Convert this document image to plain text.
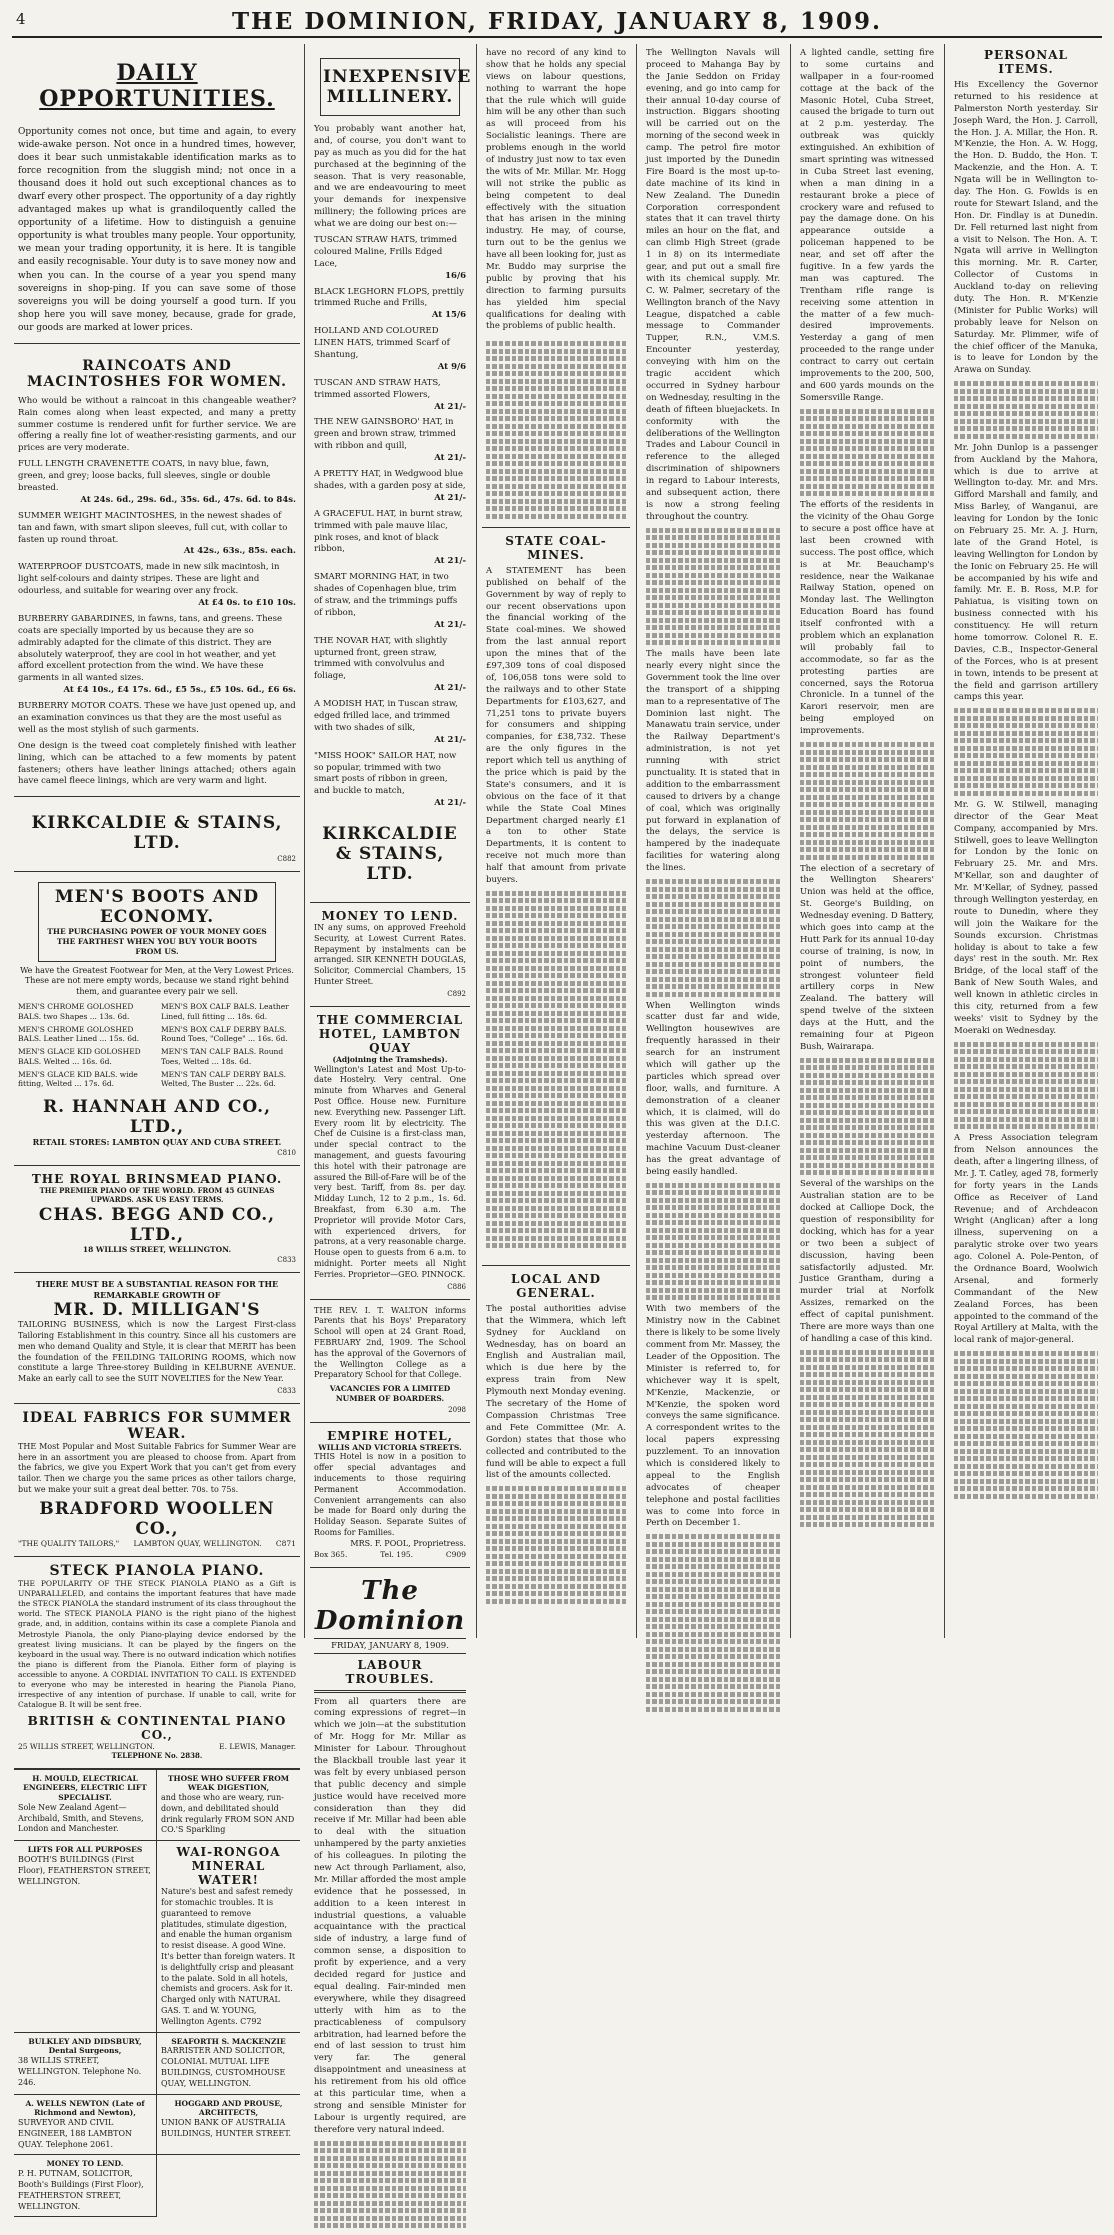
4	THE DOMINION, FRIDAY, JANUARY 8, 1909.
DAILY OPPORTUNITIES.
Opportunity comes not once, but time and again, to every wide-awake person. Not once in a hundred times, however, does it bear such unmistakable identification marks as to force recognition from the sluggish mind; not once in a thousand does it hold out such exceptional chances as to dwarf every other prospect. The opportunity of a day rightly advantaged makes up what is grandiloquently called the opportunity of a lifetime. How to distinguish a genuine opportunity is what troubles many people. Your opportunity, we mean your trading opportunity, it is here. It is tangible and easily recognisable. Your duty is to save money now and when you can. In the course of a year you spend many sovereigns in shop-ping. If you can save some of those sovereigns you will be doing yourself a good turn. If you shop here you will save money, because, grade for grade, our goods are marked at lower prices.
RAINCOATS AND MACINTOSHES FOR WOMEN.
Who would be without a raincoat in this changeable weather? Rain comes along when least expected, and many a pretty summer costume is rendered unfit for further service. We are offering a really fine lot of weather-resisting garments, and our prices are very moderate.
FULL LENGTH CRAVENETTE COATS, in navy blue, fawn, green, and grey; loose backs, full sleeves, single or double breasted.
At 24s. 6d., 29s. 6d., 35s. 6d., 47s. 6d. to 84s.
SUMMER WEIGHT MACINTOSHES, in the newest shades of tan and fawn, with smart slipon sleeves, full cut, with collar to fasten up round throat.
At 42s., 63s., 85s. each.
WATERPROOF DUSTCOATS, made in new silk macintosh, in light self-colours and dainty stripes. These are light and odourless, and suitable for wearing over any frock.
At £4 0s. to £10 10s.
BURBERRY GABARDINES, in fawns, tans, and greens. These coats are specially imported by us because they are so admirably adapted for the climate of this district. They are absolutely waterproof, they are cool in hot weather, and yet afford excellent protection from the wind. We have these garments in all wanted sizes.
At £4 10s., £4 17s. 6d., £5 5s., £5 10s. 6d., £6 6s.
BURBERRY MOTOR COATS. These we have just opened up, and an examination convinces us that they are the most useful as well as the most stylish of such garments.
One design is the tweed coat completely finished with leather lining, which can be attached to a few moments by patent fasteners; others have leather linings attached; others again have camel fleece linings, which are very warm and light.
KIRKCALDIE & STAINS, LTD.
C882
MEN'S BOOTS AND ECONOMY.
THE PURCHASING POWER OF YOUR MONEY GOES THE FARTHEST WHEN YOU BUY YOUR BOOTS FROM US.
We have the Greatest Footwear for Men, at the Very Lowest Prices. These are not mere empty words, because we stand right behind them, and guarantee every pair we sell.
MEN'S CHROME GOLOSHED BALS. two Shapes ... 13s. 6d.
MEN'S BOX CALF BALS. Leather Lined, full fitting ... 18s. 6d.
MEN'S CHROME GOLOSHED BALS. Leather Lined ... 15s. 6d.
MEN'S BOX CALF DERBY BALS. Round Toes, "College" ... 16s. 6d.
MEN'S GLACE KID GOLOSHED BALS. Welted ... 16s. 6d.
MEN'S TAN CALF BALS. Round Toes, Welted ... 18s. 6d.
MEN'S GLACE KID BALS. wide fitting, Welted ... 17s. 6d.
MEN'S TAN CALF DERBY BALS. Welted, The Buster ... 22s. 6d.
R. HANNAH AND CO., LTD.,
RETAIL STORES: LAMBTON QUAY AND CUBA STREET.
C810
THE ROYAL BRINSMEAD PIANO.
THE PREMIER PIANO OF THE WORLD. FROM 45 GUINEAS UPWARDS. ASK US EASY TERMS.
CHAS. BEGG AND CO., LTD.,
18 WILLIS STREET, WELLINGTON.
C833
THERE MUST BE A SUBSTANTIAL REASON FOR THE REMARKABLE GROWTH OF
MR. D. MILLIGAN'S
TAILORING BUSINESS, which is now the Largest First-class Tailoring Establishment in this country. Since all his customers are men who demand Quality and Style, it is clear that MERIT has been the foundation of the FEILDING TAILORING ROOMS, which now constitute a large Three-storey Building in KELBURNE AVENUE. Make an early call to see the SUIT NOVELTIES for the New Year.
C833
IDEAL FABRICS FOR SUMMER WEAR.
THE Most Popular and Most Suitable Fabrics for Summer Wear are here in an assortment you are pleased to choose from. Apart from the fabrics, we give you Expert Work that you can't get from every tailor. Then we charge you the same prices as other tailors charge, but we make your suit a great deal better. 70s. to 75s.
BRADFORD WOOLLEN CO.,
"THE QUALITY TAILORS," LAMBTON QUAY, WELLINGTON. C871
STECK PIANOLA PIANO.
THE POPULARITY OF THE STECK PIANOLA PIANO as a Gift is UNPARALLELED, and contains the important features that have made the STECK PIANOLA the standard instrument of its class throughout the world. The STECK PIANOLA PIANO is the right piano of the highest grade, and, in addition, contains within its case a complete Pianola and Metrostyle Pianola, the only Piano-playing device endorsed by the greatest living musicians. It can be played by the fingers on the keyboard in the usual way. There is no outward indication which notifies the piano is different from the Pianola. Either form of playing is accessible to anyone. A CORDIAL INVITATION TO CALL IS EXTENDED to everyone who may be interested in hearing the Pianola Piano, irrespective of any intention of purchase. If unable to call, write for Catalogue B. It will be sent free.
BRITISH & CONTINENTAL PIANO CO.,
25 WILLIS STREET, WELLINGTON.	E. LEWIS, Manager.
TELEPHONE No. 2838.
H. MOULD, ELECTRICAL ENGINEERS, ELECTRIC LIFT SPECIALIST.
Sole New Zealand Agent—Archibald, Smith, and Stevens, London and Manchester.
THOSE WHO SUFFER FROM WEAK DIGESTION,
and those who are weary, run-down, and debilitated should drink regularly FROM SON AND CO.'S Sparkling
LIFTS FOR ALL PURPOSES
BOOTH'S BUILDINGS (First Floor), FEATHERSTON STREET, WELLINGTON.
WAI-RONGOA MINERAL WATER!
Nature's best and safest remedy for stomachic troubles. It is guaranteed to remove platitudes, stimulate digestion, and enable the human organism to resist disease. A good Wine. It's better than foreign waters. It is delightfully crisp and pleasant to the palate. Sold in all hotels, chemists and grocers. Ask for it. Charged only with NATURAL GAS. T. and W. YOUNG, Wellington Agents. C792
BULKLEY AND DIDSBURY, Dental Surgeons,
38 WILLIS STREET, WELLINGTON. Telephone No. 246.
SEAFORTH S. MACKENZIE
BARRISTER AND SOLICITOR, COLONIAL MUTUAL LIFE BUILDINGS, CUSTOMHOUSE QUAY, WELLINGTON.
A. WELLS NEWTON (Late of Richmond and Newton),
SURVEYOR AND CIVIL ENGINEER, 188 LAMBTON QUAY. Telephone 2061.
HOGGARD AND PROUSE, ARCHITECTS,
UNION BANK OF AUSTRALIA BUILDINGS, HUNTER STREET.
MONEY TO LEND.
P. H. PUTNAM, SOLICITOR, Booth's Buildings (First Floor), FEATHERSTON STREET, WELLINGTON.
INEXPENSIVE MILLINERY.
You probably want another hat, and, of course, you don't want to pay as much as you did for the hat purchased at the beginning of the season. That is very reasonable, and we are endeavouring to meet your demands for inexpensive millinery; the following prices are what we are doing our best on:—
TUSCAN STRAW HATS, trimmed coloured Maline, Frills Edged Lace,
16/6
BLACK LEGHORN FLOPS, prettily trimmed Ruche and Frills,
At 15/6
HOLLAND AND COLOURED LINEN HATS, trimmed Scarf of Shantung,
At 9/6
TUSCAN AND STRAW HATS, trimmed assorted Flowers,
At 21/-
THE NEW GAINSBORO' HAT, in green and brown straw, trimmed with ribbon and quill,
At 21/-
A PRETTY HAT, in Wedgwood blue shades, with a garden posy at side,
At 21/-
A GRACEFUL HAT, in burnt straw, trimmed with pale mauve lilac, pink roses, and knot of black ribbon,
At 21/-
SMART MORNING HAT, in two shades of Copenhagen blue, trim of straw, and the trimmings puffs of ribbon,
At 21/-
THE NOVAR HAT, with slightly upturned front, green straw, trimmed with convolvulus and foliage,
At 21/-
A MODISH HAT, in Tuscan straw, edged frilled lace, and trimmed with two shades of silk,
At 21/-
"MISS HOOK" SAILOR HAT, now so popular, trimmed with two smart posts of ribbon in green, and buckle to match,
At 21/-
KIRKCALDIE & STAINS, LTD.
MONEY TO LEND.
IN any sums, on approved Freehold Security, at Lowest Current Rates. Repayment by instalments can be arranged. SIR KENNETH DOUGLAS, Solicitor, Commercial Chambers, 15 Hunter Street.
C892
THE COMMERCIAL HOTEL, LAMBTON QUAY
(Adjoining the Tramsheds).
Wellington's Latest and Most Up-to-date Hostelry. Very central. One minute from Wharves and General Post Office. House new. Furniture new. Everything new. Passenger Lift. Every room lit by electricity. The Chef de Cuisine is a first-class man, under special contract to the management, and guests favouring this hotel with their patronage are assured the Bill-of-Fare will be of the very best. Tariff, from 8s. per day. Midday Lunch, 12 to 2 p.m., 1s. 6d. Breakfast, from 6.30 a.m. The Proprietor will provide Motor Cars, with experienced drivers, for patrons, at a very reasonable charge. House open to guests from 6 a.m. to midnight. Porter meets all Night Ferries. Proprietor—GEO. PINNOCK.
C886
THE REV. I. T. WALTON informs Parents that his Boys' Preparatory School will open at 24 Grant Road, FEBRUARY 2nd, 1909. The School has the approval of the Governors of the Wellington College as a Preparatory School for that College.
VACANCIES FOR A LIMITED NUMBER OF BOARDERS.
2098
EMPIRE HOTEL,
WILLIS AND VICTORIA STREETS.
THIS Hotel is now in a position to offer special advantages and inducements to those requiring Permanent Accommodation. Convenient arrangements can also be made for Board only during the Holiday Season. Separate Suites of Rooms for Families.
MRS. F. POOL, Proprietress.
Box 365.	Tel. 195.	C909
The Dominion
FRIDAY, JANUARY 8, 1909.
LABOUR TROUBLES.
From all quarters there are coming expressions of regret—in which we join—at the substitution of Mr. Hogg for Mr. Millar as Minister for Labour. Throughout the Blackball trouble last year it was felt by every unbiased person that public decency and simple justice would have received more consideration than they did receive if Mr. Millar had been able to deal with the situation unhampered by the party anxieties of his colleagues. In piloting the new Act through Parliament, also, Mr. Millar afforded the most ample evidence that he possessed, in addition to a keen interest in industrial questions, a valuable acquaintance with the practical side of industry, a large fund of common sense, a disposition to profit by experience, and a very decided regard for justice and equal dealing. Fair-minded men everywhere, while they disagreed utterly with him as to the practicableness of compulsory arbitration, had learned before the end of last session to trust him very far. The general disappointment and uneasiness at his retirement from his old office at this particular time, when a strong and sensible Minister for Labour is urgently required, are therefore very natural indeed.
have no record of any kind to show that he holds any special views on labour questions, nothing to warrant the hope that the rule which will guide him will be any other than such as will proceed from his Socialistic leanings. There are problems enough in the world of industry just now to tax even the wits of Mr. Millar. Mr. Hogg will not strike the public as being competent to deal effectively with the situation that has arisen in the mining industry. He may, of course, turn out to be the genius we have all been looking for, just as Mr. Buddo may surprise the public by proving that his direction to farming pursuits has yielded him special qualifications for dealing with the problems of public health.
STATE COAL-MINES.
A STATEMENT has been published on behalf of the Government by way of reply to our recent observations upon the financial working of the State coal-mines. We showed from the last annual report upon the mines that of the £97,309 tons of coal disposed of, 106,058 tons were sold to the railways and to other State Departments for £103,627, and 71,251 tons to private buyers for consumers and shipping companies, for £38,732. These are the only figures in the report which tell us anything of the price which is paid by the State's consumers, and it is obvious on the face of it that while the State Coal Mines Department charged nearly £1 a ton to other State Departments, it is content to receive not much more than half that amount from private buyers.
LOCAL AND GENERAL.
The postal authorities advise that the Wimmera, which left Sydney for Auckland on Wednesday, has on board an English and Australian mail, which is due here by the express train from New Plymouth next Monday evening. The secretary of the Home of Compassion Christmas Tree and Fete Committee (Mr. A. Gordon) states that those who collected and contributed to the fund will be able to expect a full list of the amounts collected.
The Wellington Navals will proceed to Mahanga Bay by the Janie Seddon on Friday evening, and go into camp for their annual 10-day course of instruction. Biggars shooting will be carried out on the morning of the second week in camp. The petrol fire motor just imported by the Dunedin Fire Board is the most up-to-date machine of its kind in New Zealand. The Dunedin Corporation correspondent states that it can travel thirty miles an hour on the flat, and can climb High Street (grade 1 in 8) on its intermediate gear, and put out a small fire with its chemical supply. Mr. C. W. Palmer, secretary of the Wellington branch of the Navy League, dispatched a cable message to Commander Tupper, R.N., V.M.S. Encounter yesterday, conveying with him on the tragic accident which occurred in Sydney harbour on Wednesday, resulting in the death of fifteen bluejackets. In conformity with the deliberations of the Wellington Trades and Labour Council in reference to the alleged discrimination of shipowners in regard to Labour interests, and subsequent action, there is now a strong feeling throughout the country.
The mails have been late nearly every night since the Government took the line over the transport of a shipping man to a representative of The Dominion last night. The Manawatu train service, under the Railway Department's administration, is not yet running with strict punctuality. It is stated that in addition to the embarrassment caused to drivers by a change of coal, which was originally put forward in explanation of the delays, the service is hampered by the inadequate facilities for watering along the lines.
When Wellington winds scatter dust far and wide, Wellington housewives are frequently harassed in their search for an instrument which will gather up the particles which spread over floor, walls, and furniture. A demonstration of a cleaner which, it is claimed, will do this was given at the D.I.C. yesterday afternoon. The machine Vacuum Dust-cleaner has the great advantage of being easily handled.
With two members of the Ministry now in the Cabinet there is likely to be some lively comment from Mr. Massey, the Leader of the Opposition. The Minister is referred to, for whichever way it is spelt, M'Kenzie, Mackenzie, or M'Kenzie, the spoken word conveys the same significance. A correspondent writes to the local papers expressing puzzlement. To an innovation which is considered likely to appeal to the English advocates of cheaper telephone and postal facilities was to come into force in Perth on December 1.
A lighted candle, setting fire to some curtains and wallpaper in a four-roomed cottage at the back of the Masonic Hotel, Cuba Street, caused the brigade to turn out at 2 p.m. yesterday. The outbreak was quickly extinguished. An exhibition of smart sprinting was witnessed in Cuba Street last evening, when a man dining in a restaurant broke a piece of crockery ware and refused to pay the damage done. On his appearance outside a policeman happened to be near, and set off after the fugitive. In a few yards the man was captured. The Trentham rifle range is receiving some attention in the matter of a few much-desired improvements. Yesterday a gang of men proceeded to the range under contract to carry out certain improvements to the 200, 500, and 600 yards mounds on the Somersville Range.
The efforts of the residents in the vicinity of the Ohau Gorge to secure a post office have at last been crowned with success. The post office, which is at Mr. Beauchamp's residence, near the Waikanae Railway Station, opened on Monday last. The Wellington Education Board has found itself confronted with a problem which an explanation will probably fail to accommodate, so far as the protesting parties are concerned, says the Rotorua Chronicle. In a tunnel of the Karori reservoir, men are being employed on improvements.
The election of a secretary of the Wellington Shearers' Union was held at the office, St. George's Building, on Wednesday evening. D Battery, which goes into camp at the Hutt Park for its annual 10-day course of training, is now, in point of numbers, the strongest volunteer field artillery corps in New Zealand. The battery will spend twelve of the sixteen days at the Hutt, and the remaining four at Pigeon Bush, Wairarapa.
Several of the warships on the Australian station are to be docked at Calliope Dock, the question of responsibility for docking, which has for a year or two been a subject of discussion, having been satisfactorily adjusted. Mr. Justice Grantham, during a murder trial at Norfolk Assizes, remarked on the effect of capital punishment. There are more ways than one of handling a case of this kind.
PERSONAL ITEMS.
His Excellency the Governor returned to his residence at Palmerston North yesterday. Sir Joseph Ward, the Hon. J. Carroll, the Hon. J. A. Millar, the Hon. R. M'Kenzie, the Hon. A. W. Hogg, the Hon. D. Buddo, the Hon. T. Mackenzie, and the Hon. A. T. Ngata will be in Wellington to-day. The Hon. G. Fowlds is en route for Stewart Island, and the Hon. Dr. Findlay is at Dunedin. Dr. Fell returned last night from a visit to Nelson. The Hon. A. T. Ngata will arrive in Wellington this morning. Mr. R. Carter, Collector of Customs in Auckland to-day on relieving duty. The Hon. R. M'Kenzie (Minister for Public Works) will probably leave for Nelson on Saturday. Mr. Plimmer, wife of the chief officer of the Manuka, is to leave for London by the Arawa on Sunday.
Mr. John Dunlop is a passenger from Auckland by the Mahora, which is due to arrive at Wellington to-day. Mr. and Mrs. Gifford Marshall and family, and Miss Barley, of Wanganui, are leaving for London by the Ionic on February 25. Mr. A. J. Hurn, late of the Grand Hotel, is leaving Wellington for London by the Ionic on February 25. He will be accompanied by his wife and family. Mr. E. B. Ross, M.P. for Pahiatua, is visiting town on business connected with his constituency. He will return home tomorrow. Colonel R. E. Davies, C.B., Inspector-General of the Forces, who is at present in town, intends to be present at the field and garrison artillery camps this year.
Mr. G. W. Stilwell, managing director of the Gear Meat Company, accompanied by Mrs. Stilwell, goes to leave Wellington for London by the Ionic on February 25. Mr. and Mrs. M'Kellar, son and daughter of Mr. M'Kellar, of Sydney, passed through Wellington yesterday, en route to Dunedin, where they will join the Waikare for the Sounds excursion. Christmas holiday is about to take a few days' rest in the south. Mr. Rex Bridge, of the local staff of the Bank of New South Wales, and well known in athletic circles in this city, returned from a few weeks' visit to Sydney by the Moeraki on Wednesday.
A Press Association telegram from Nelson announces the death, after a lingering illness, of Mr. J. T. Catley, aged 78, formerly for forty years in the Lands Office as Receiver of Land Revenue; and of Archdeacon Wright (Anglican) after a long illness, supervening on a paralytic stroke over two years ago. Colonel A. Pole-Penton, of the Ordnance Board, Woolwich Arsenal, and formerly Commandant of the New Zealand Forces, has been appointed to the command of the Royal Artillery at Malta, with the local rank of major-general.
